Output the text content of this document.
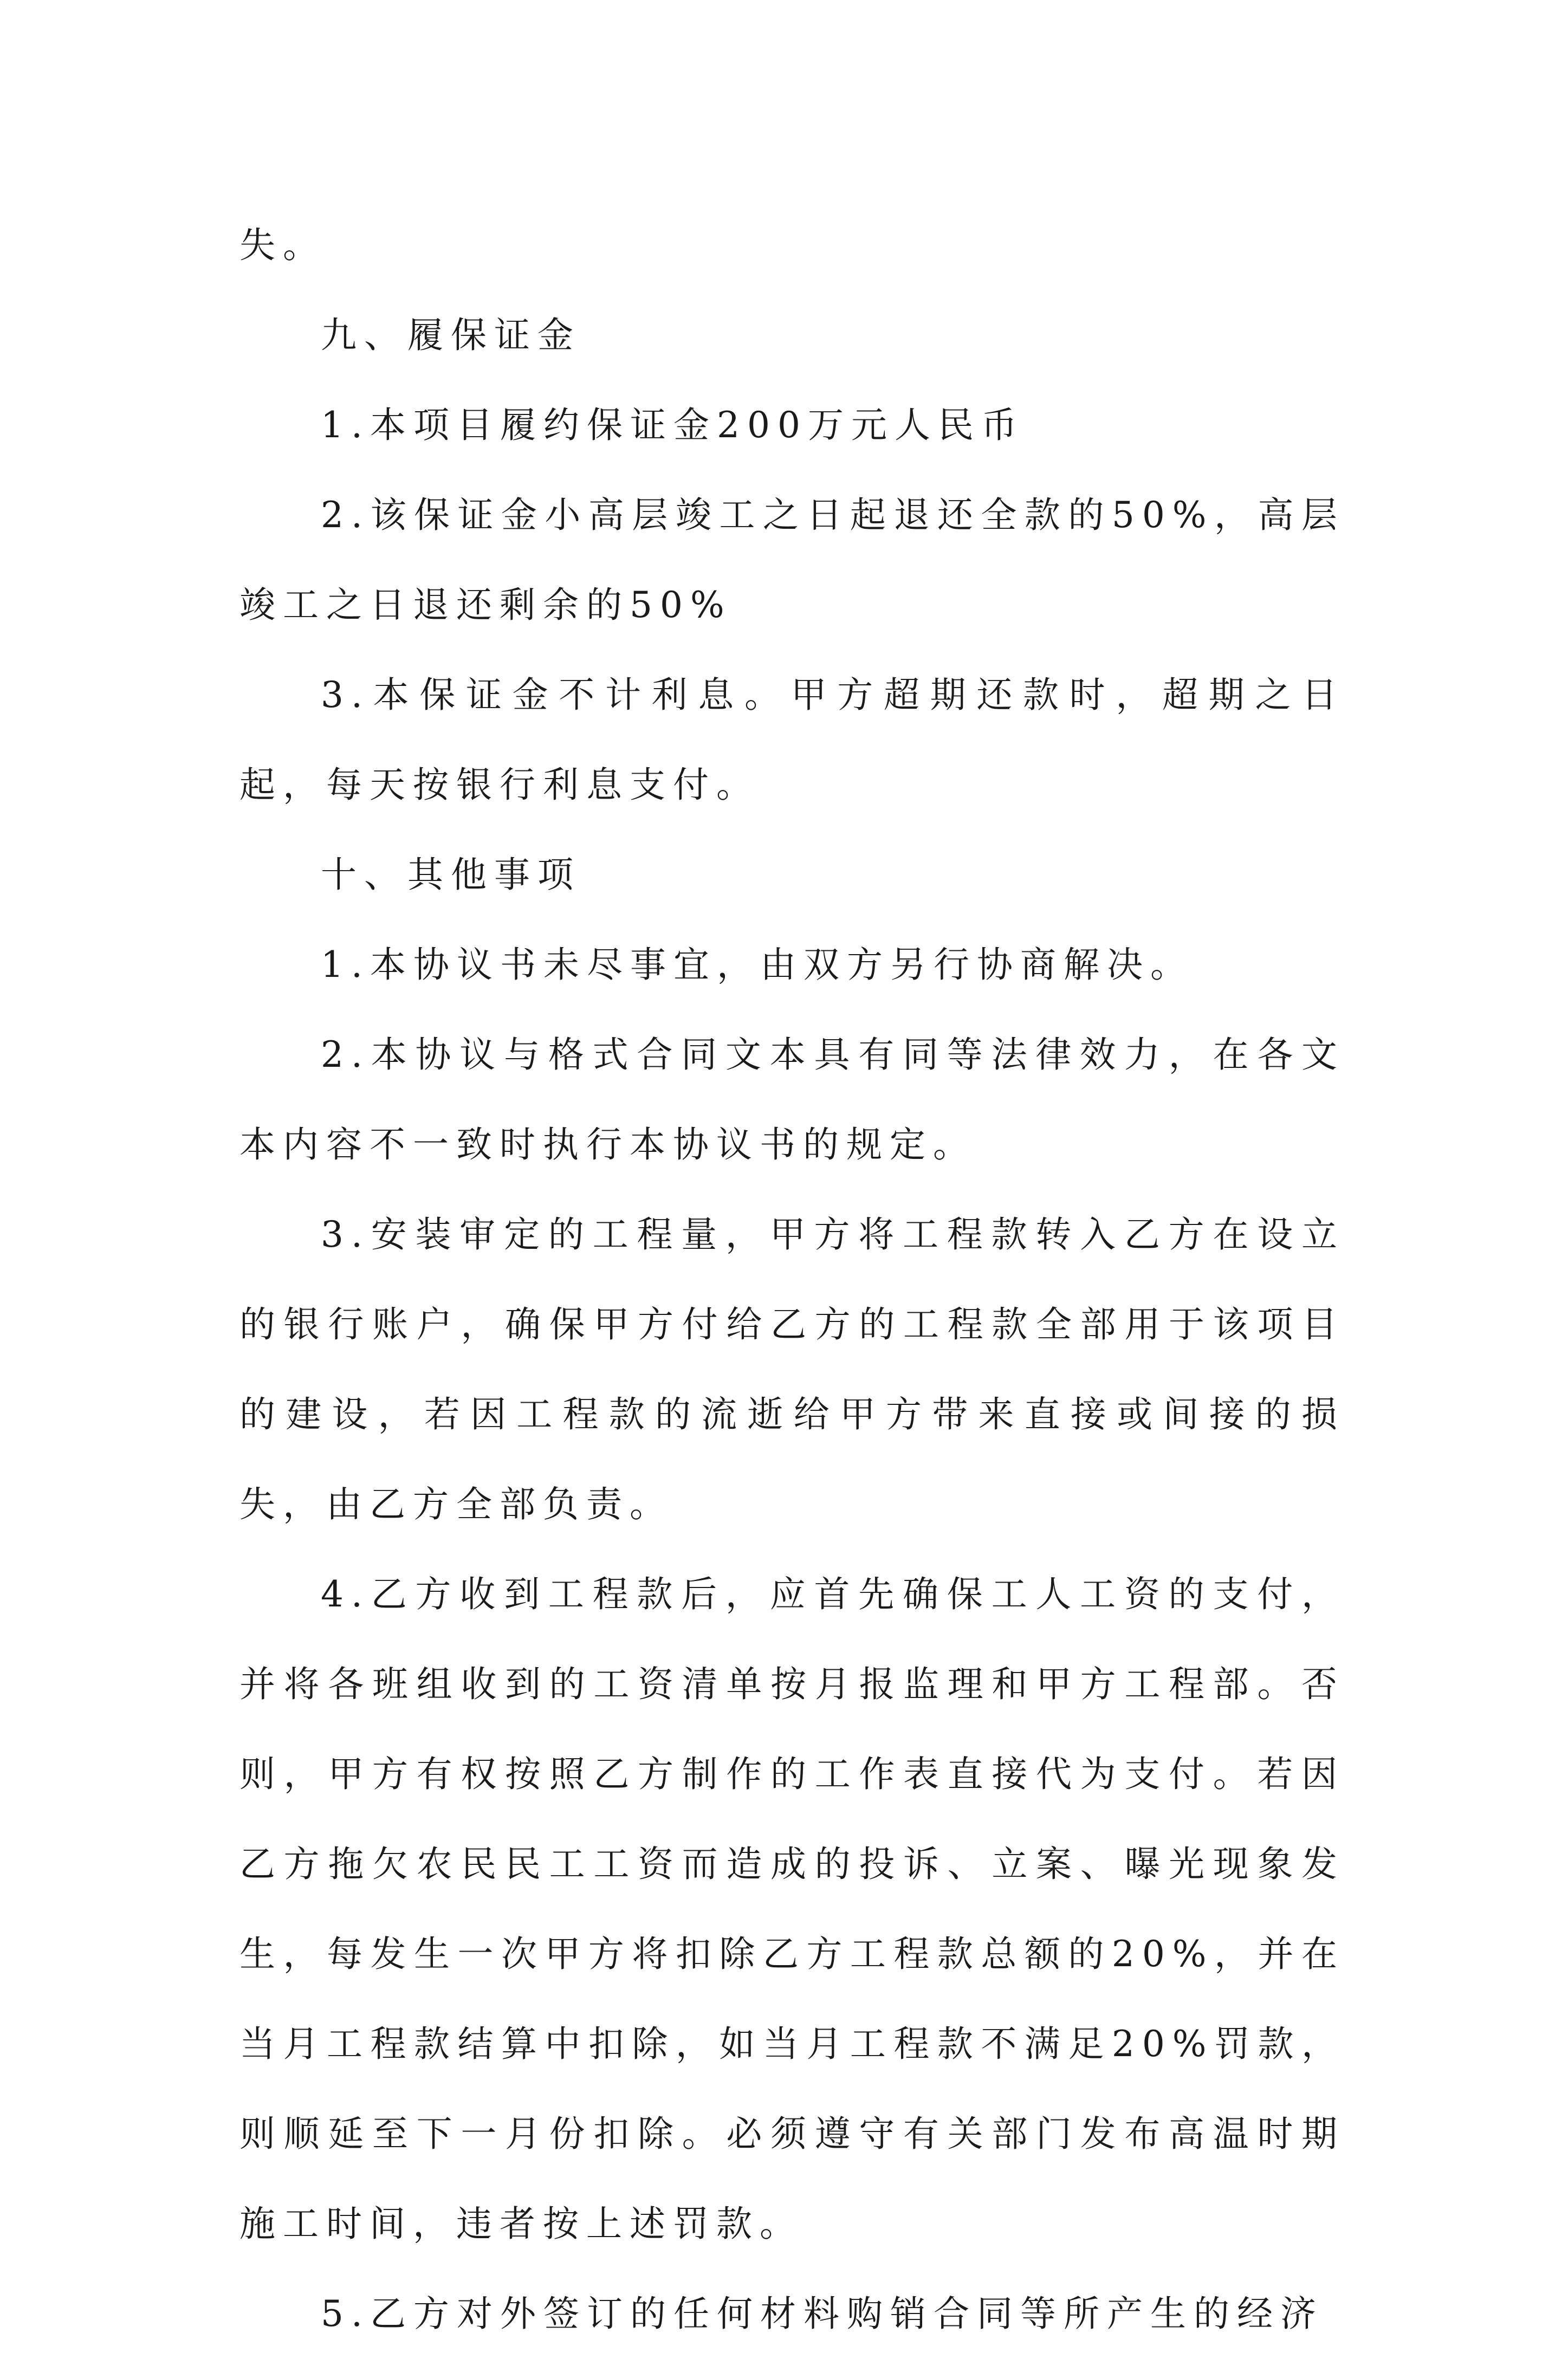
失。

九、履保证金

1.本项目履约保证金200万元人民币

2.该保证金小高层竣工之日起退还全款的50%，高层竣工之日退还剩余的50%

3.本保证金不计利息。甲方超期还款时，超期之日起，每天按银行利息支付。

十、其他事项

1.本协议书未尽事宜，由双方另行协商解决。

2.本协议与格式合同文本具有同等法律效力，在各文本内容不一致时执行本协议书的规定。

3.安装审定的工程量，甲方将工程款转入乙方在设立的银行账户，确保甲方付给乙方的工程款全部用于该项目的建设，若因工程款的流逝给甲方带来直接或间接的损失，由乙方全部负责。

4.乙方收到工程款后，应首先确保工人工资的支付，并将各班组收到的工资清单按月报监理和甲方工程部。否则，甲方有权按照乙方制作的工作表直接代为支付。若因乙方拖欠农民民工工资而造成的投诉、立案、曝光现象发生，每发生一次甲方将扣除乙方工程款总额的20%，并在当月工程款结算中扣除，如当月工程款不满足20%罚款，则顺延至下一月份扣除。必须遵守有关部门发布高温时期施工时间，违者按上述罚款。

5.乙方对外签订的任何材料购销合同等所产生的经济
